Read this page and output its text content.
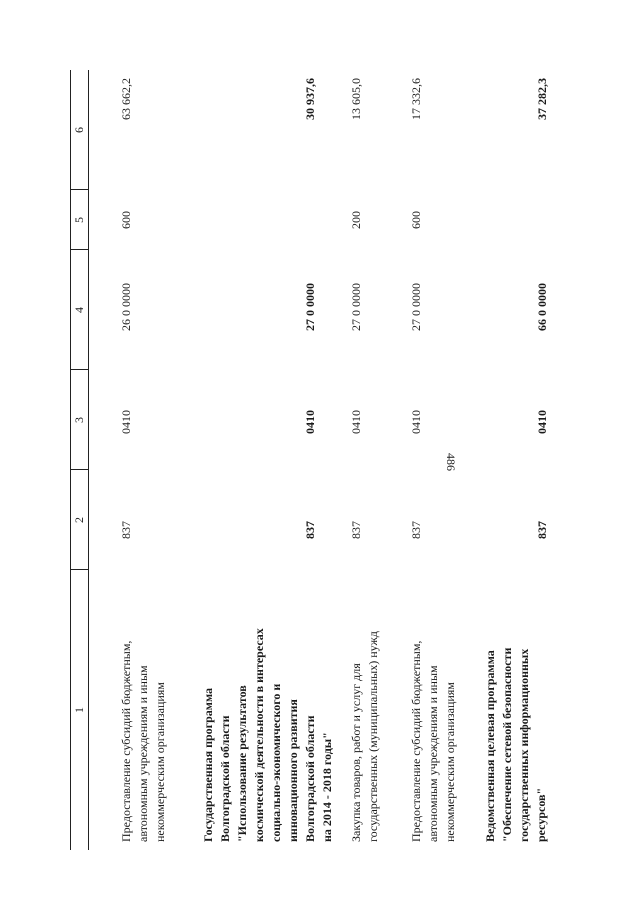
486
1
2
3
4
5
6
Предоставление субсидий бюджетным,
автономным учреждениям и иным
некоммерческим организациям
837
0410
26 0 0000
600
63 662,2
Государственная программа
Волгоградской области
"Использование результатов
космической деятельности в интересах
социально-экономического и
инновационного развития
Волгоградской области
на 2014 - 2018 годы"
837
0410
27 0 0000
30 937,6
Закупка товаров, работ и услуг для
государственных (муниципальных) нужд
837
0410
27 0 0000
200
13 605,0
Предоставление субсидий бюджетным,
автономным учреждениям и иным
некоммерческим организациям
837
0410
27 0 0000
600
17 332,6
Ведомственная целевая программа
"Обеспечение сетевой безопасности
государственных информационных
ресурсов"
837
0410
66 0 0000
37 282,3
